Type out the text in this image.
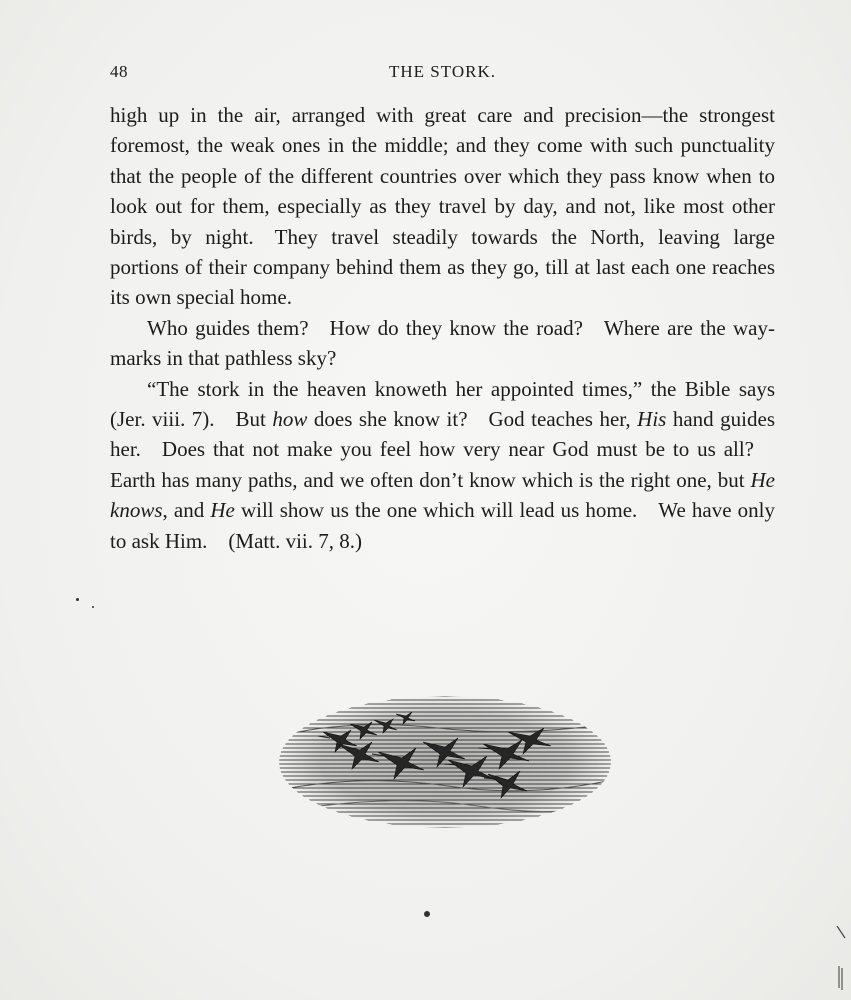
48	THE STORK.

high up in the air, arranged with great care and precision—the strongest foremost, the weak ones in the middle; and they come with such punctuality that the people of the different countries over which they pass know when to look out for them, especially as they travel by day, and not, like most other birds, by night. They travel steadily towards the North, leaving large portions of their company behind them as they go, till at last each one reaches its own special home.

Who guides them? How do they know the road? Where are the way-marks in that pathless sky?

“The stork in the heaven knoweth her appointed times,” the Bible says (Jer. viii. 7). But how does she know it? God teaches her, His hand guides her. Does that not make you feel how very near God must be to us all? Earth has many paths, and we often don’t know which is the right one, but He knows, and He will show us the one which will lead us home. We have only to ask Him. (Matt. vii. 7, 8.)
